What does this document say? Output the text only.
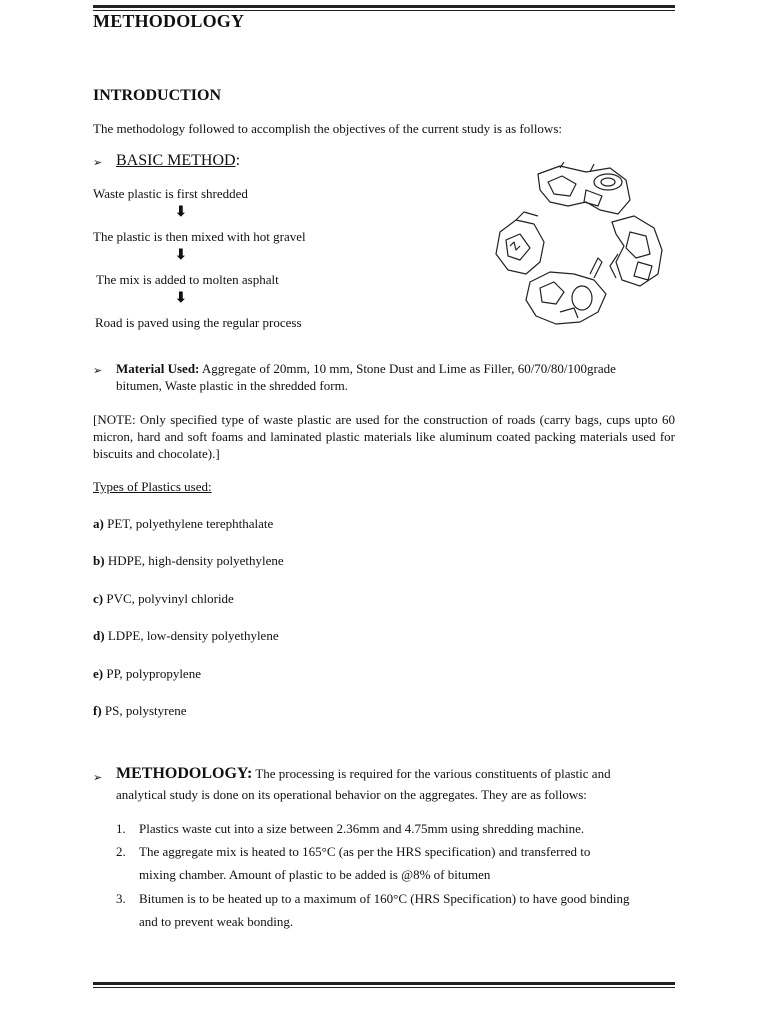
METHODOLOGY
INTRODUCTION
The methodology followed to accomplish the objectives of the current study is as follows:
➢ BASIC METHOD:
Waste plastic is first shredded
⬇
The plastic is then mixed with hot gravel
⬇
The mix is added to molten asphalt
⬇
Road is paved using the regular process
➢ Material Used: Aggregate of 20mm, 10 mm, Stone Dust and Lime as Filler, 60/70/80/100grade
bitumen, Waste plastic in the shredded form.
[NOTE: Only specified type of waste plastic are used for the construction of roads (carry bags, cups upto 60 micron, hard and soft foams and laminated plastic materials like aluminum coated packing materials used for biscuits and chocolate).]
Types of Plastics used:
a) PET, polyethylene terephthalate
b) HDPE, high-density polyethylene
c) PVC, polyvinyl chloride
d) LDPE, low-density polyethylene
e) PP, polypropylene
f) PS, polystyrene
➢ METHODOLOGY: The processing is required for the various constituents of plastic and
analytical study is done on its operational behavior on the aggregates. They are as follows:
1. Plastics waste cut into a size between 2.36mm and 4.75mm using shredding machine.
2. The aggregate mix is heated to 165°C (as per the HRS specification) and transferred to
mixing chamber. Amount of plastic to be added is @8% of bitumen
3. Bitumen is to be heated up to a maximum of 160°C (HRS Specification) to have good binding
and to prevent weak bonding.
